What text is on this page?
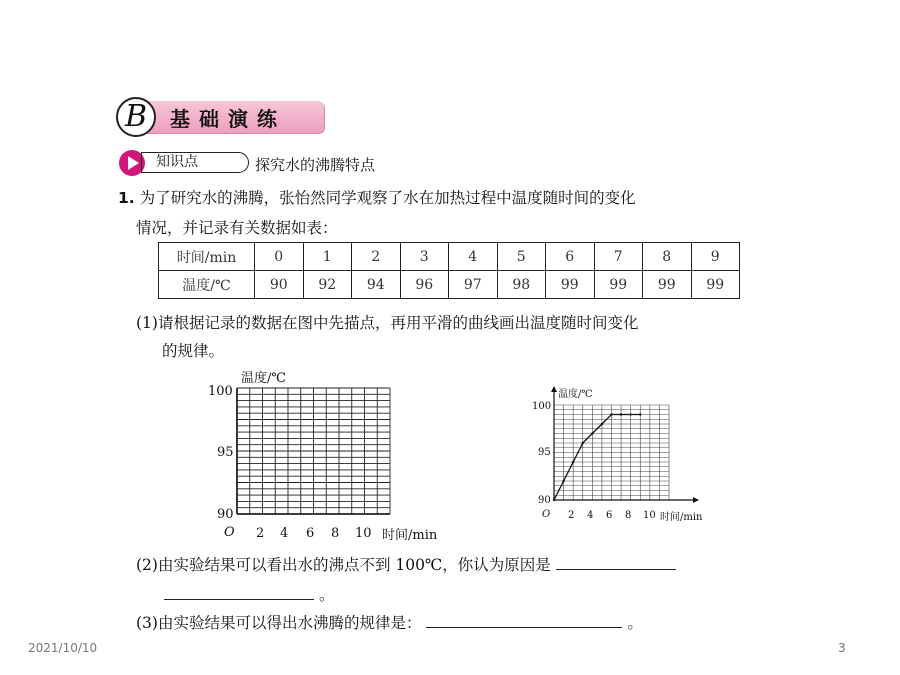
B	基础演练
知识点	探究水的沸腾特点
1. 为了研究水的沸腾，张怡然同学观察了水在加热过程中温度随时间的变化
情况，并记录有关数据如表：
时间/min	0	1	2	3	4	5	6	7	8	9
温度/℃	90	92	94	96	97	98	99	99	99	99
(1)请根据记录的数据在图中先描点，再用平滑的曲线画出温度随时间变化
的规律。
温度/℃
100
95
90
O 2 4 6 8 10 时间/min
温度/℃
100
95
90
O 2 4 6 8 10 时间/min
(2)由实验结果可以看出水的沸点不到 100℃，你认为原因是
。
(3)由实验结果可以得出水沸腾的规律是：	。
2021/10/10	3
